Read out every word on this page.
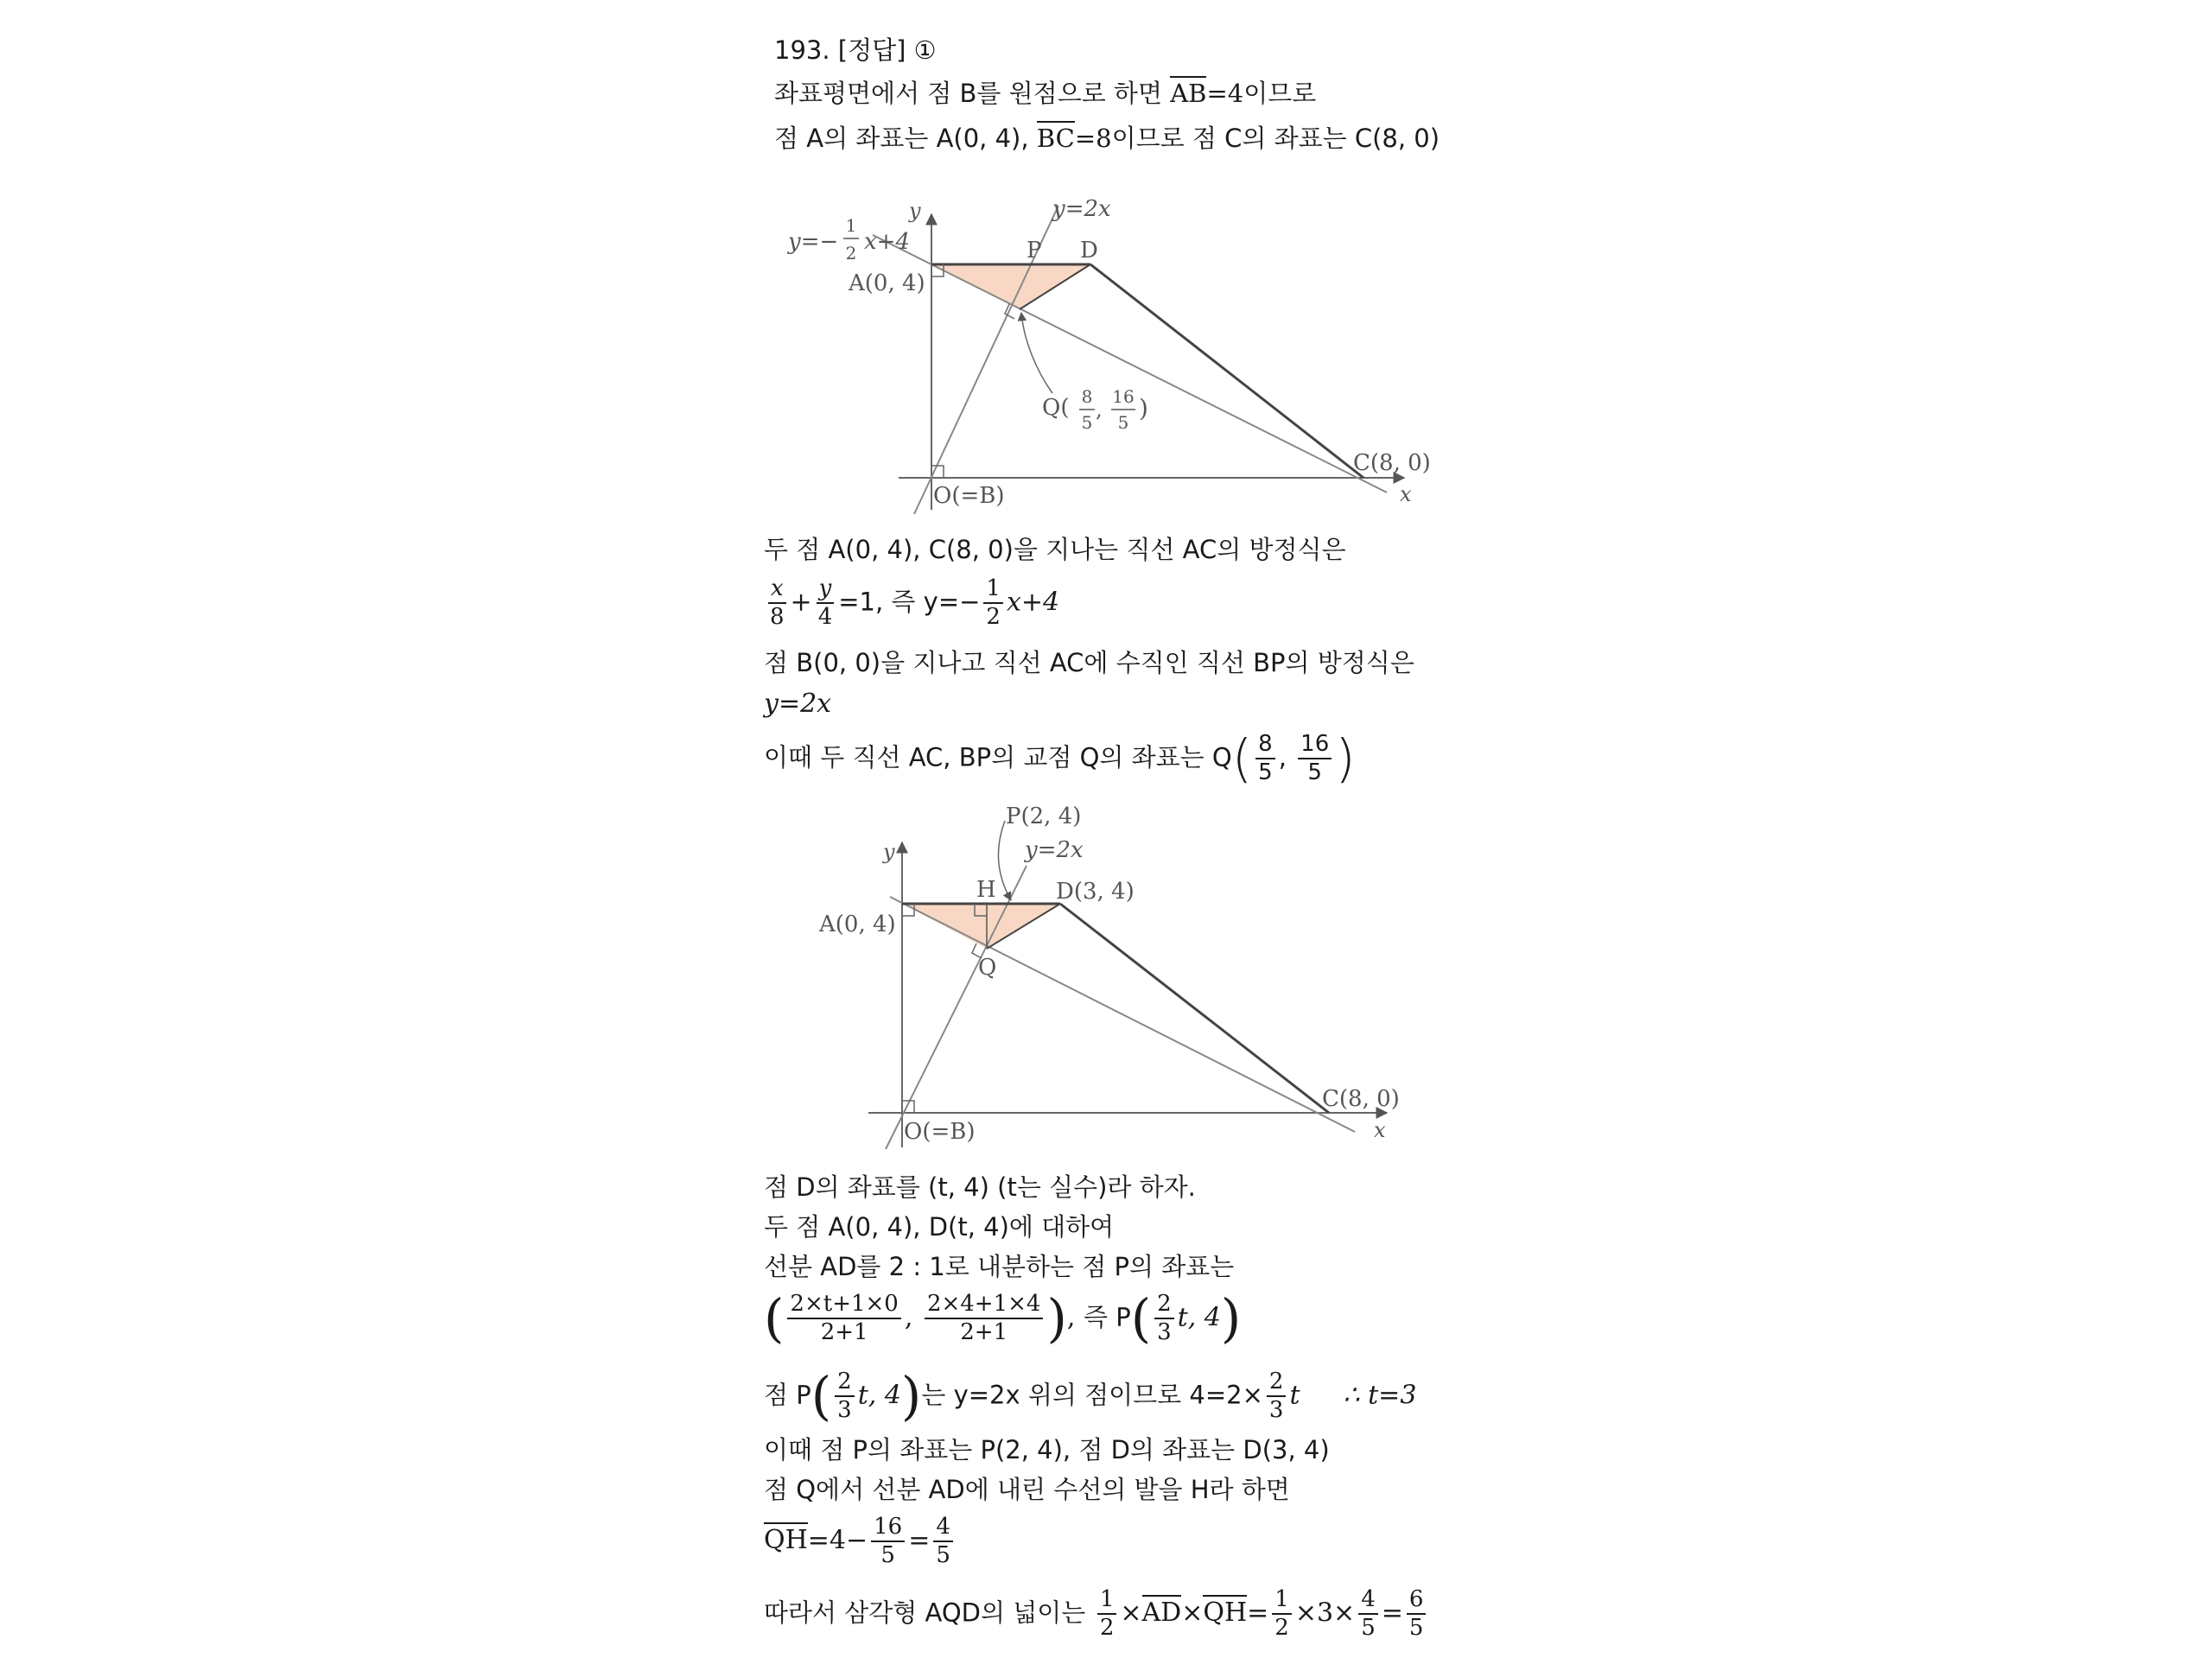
193. [정답] ①
좌표평면에서 점 B를 원점으로 하면 AB=4이므로
점 A의 좌표는 A(0, 4), BC=8이므로 점 C의 좌표는 C(8, 0)
y=−
1
2 x+4
y	y=2x
P D
A(0, 4)
Q( 8
5
,
16
5 )
C(8, 0)
O(=B)	x
두 점 A(0, 4), C(8, 0)을 지나는 직선 AC의 방정식은
$\frac{x}{8} + \frac{y}{4} =1$, 즉 $y=- \frac{1}{2} x+4$
점 B(0, 0)을 지나고 직선 AC에 수직인 직선 BP의 방정식은
y=2x
이때 두 직선 AC, BP의 교점 Q의 좌표는 $Q( \frac{8}{5}$ , $\frac{16}{5}$ )
P(2, 4)
y=2x
y
H	D(3, 4)
A(0, 4)
Q
C(8, 0)
O(=B)	x
점 D의 좌표를 (t, 4) (t는 실수)라 하자.
두 점 A(0, 4), D(t, 4)에 대하여
선분 AD를 2 : 1로 내분하는 점 P의 좌표는
( $\frac{2\times t+1\times 0}{2+1}$ , $\frac{2\times 4+1\times 4}{2+1}$ ), 즉 $P( \frac{2}{3} t$, 4)
점 $P( \frac{2}{3} t$, 4)는 y=2x 위의 점이므로 $4=2\times \frac{2}{3}$ t ∴ t=3
이때 점 P의 좌표는 P(2, 4), 점 D의 좌표는 D(3, 4)
점 Q에서 선분 AD에 내린 수선의 발을 H라 하면
$QH=4- \frac{16}{5} = \frac{4}{5}$
따라서 삼각형 AQD의 넓이는 $\frac{1}{2} \times AD\times QH= \frac{1}{2} \times 3\times \frac{4}{5} = \frac{6}{5}$
